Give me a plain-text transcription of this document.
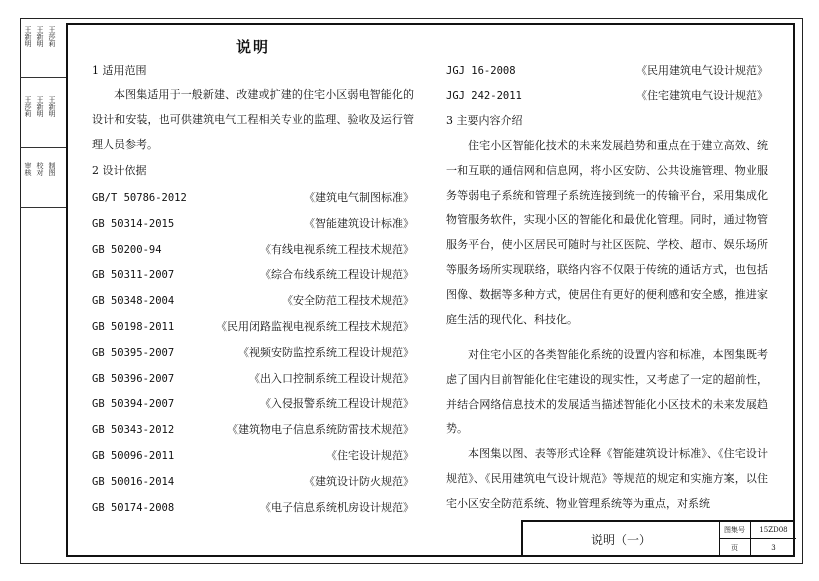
王新明 王新明 王莎莉
王莎莉 王新明 王新明
审核 校对 制图
说明
1 适用范围
本图集适用于一般新建、改建或扩建的住宅小区弱电智能化的设计和安装，也可供建筑电气工程相关专业的监理、验收及运行管理人员参考。
2 设计依据
GB/T 50786-2012	《建筑电气制图标准》
GB 50314-2015	《智能建筑设计标准》
GB 50200-94	《有线电视系统工程技术规范》
GB 50311-2007	《综合布线系统工程设计规范》
GB 50348-2004	《安全防范工程技术规范》
GB 50198-2011	《民用闭路监视电视系统工程技术规范》
GB 50395-2007	《视频安防监控系统工程设计规范》
GB 50396-2007	《出入口控制系统工程设计规范》
GB 50394-2007	《入侵报警系统工程设计规范》
GB 50343-2012	《建筑物电子信息系统防雷技术规范》
GB 50096-2011	《住宅设计规范》
GB 50016-2014	《建筑设计防火规范》
GB 50174-2008	《电子信息系统机房设计规范》
JGJ 16-2008	《民用建筑电气设计规范》
JGJ 242-2011	《住宅建筑电气设计规范》
3 主要内容介绍
住宅小区智能化技术的未来发展趋势和重点在于建立高效、统一和互联的通信网和信息网，将小区安防、公共设施管理、物业服务等弱电子系统和管理子系统连接到统一的传输平台，采用集成化物管服务软件，实现小区的智能化和最优化管理。同时，通过物管服务平台，使小区居民可随时与社区医院、学校、超市、娱乐场所等服务场所实现联络，联络内容不仅限于传统的通话方式，也包括图像、数据等多种方式，使居住有更好的便利感和安全感，推进家庭生活的现代化、科技化。
对住宅小区的各类智能化系统的设置内容和标准，本图集既考虑了国内目前智能化住宅建设的现实性，又考虑了一定的超前性，并结合网络信息技术的发展适当描述智能化小区技术的未来发展趋势。
本图集以图、表等形式诠释《智能建筑设计标准》、《住宅设计规范》、《民用建筑电气设计规范》等规范的规定和实施方案，以住宅小区安全防范系统、物业管理系统等为重点，对系统
说明（一）
图集号	15ZD08
页	3
